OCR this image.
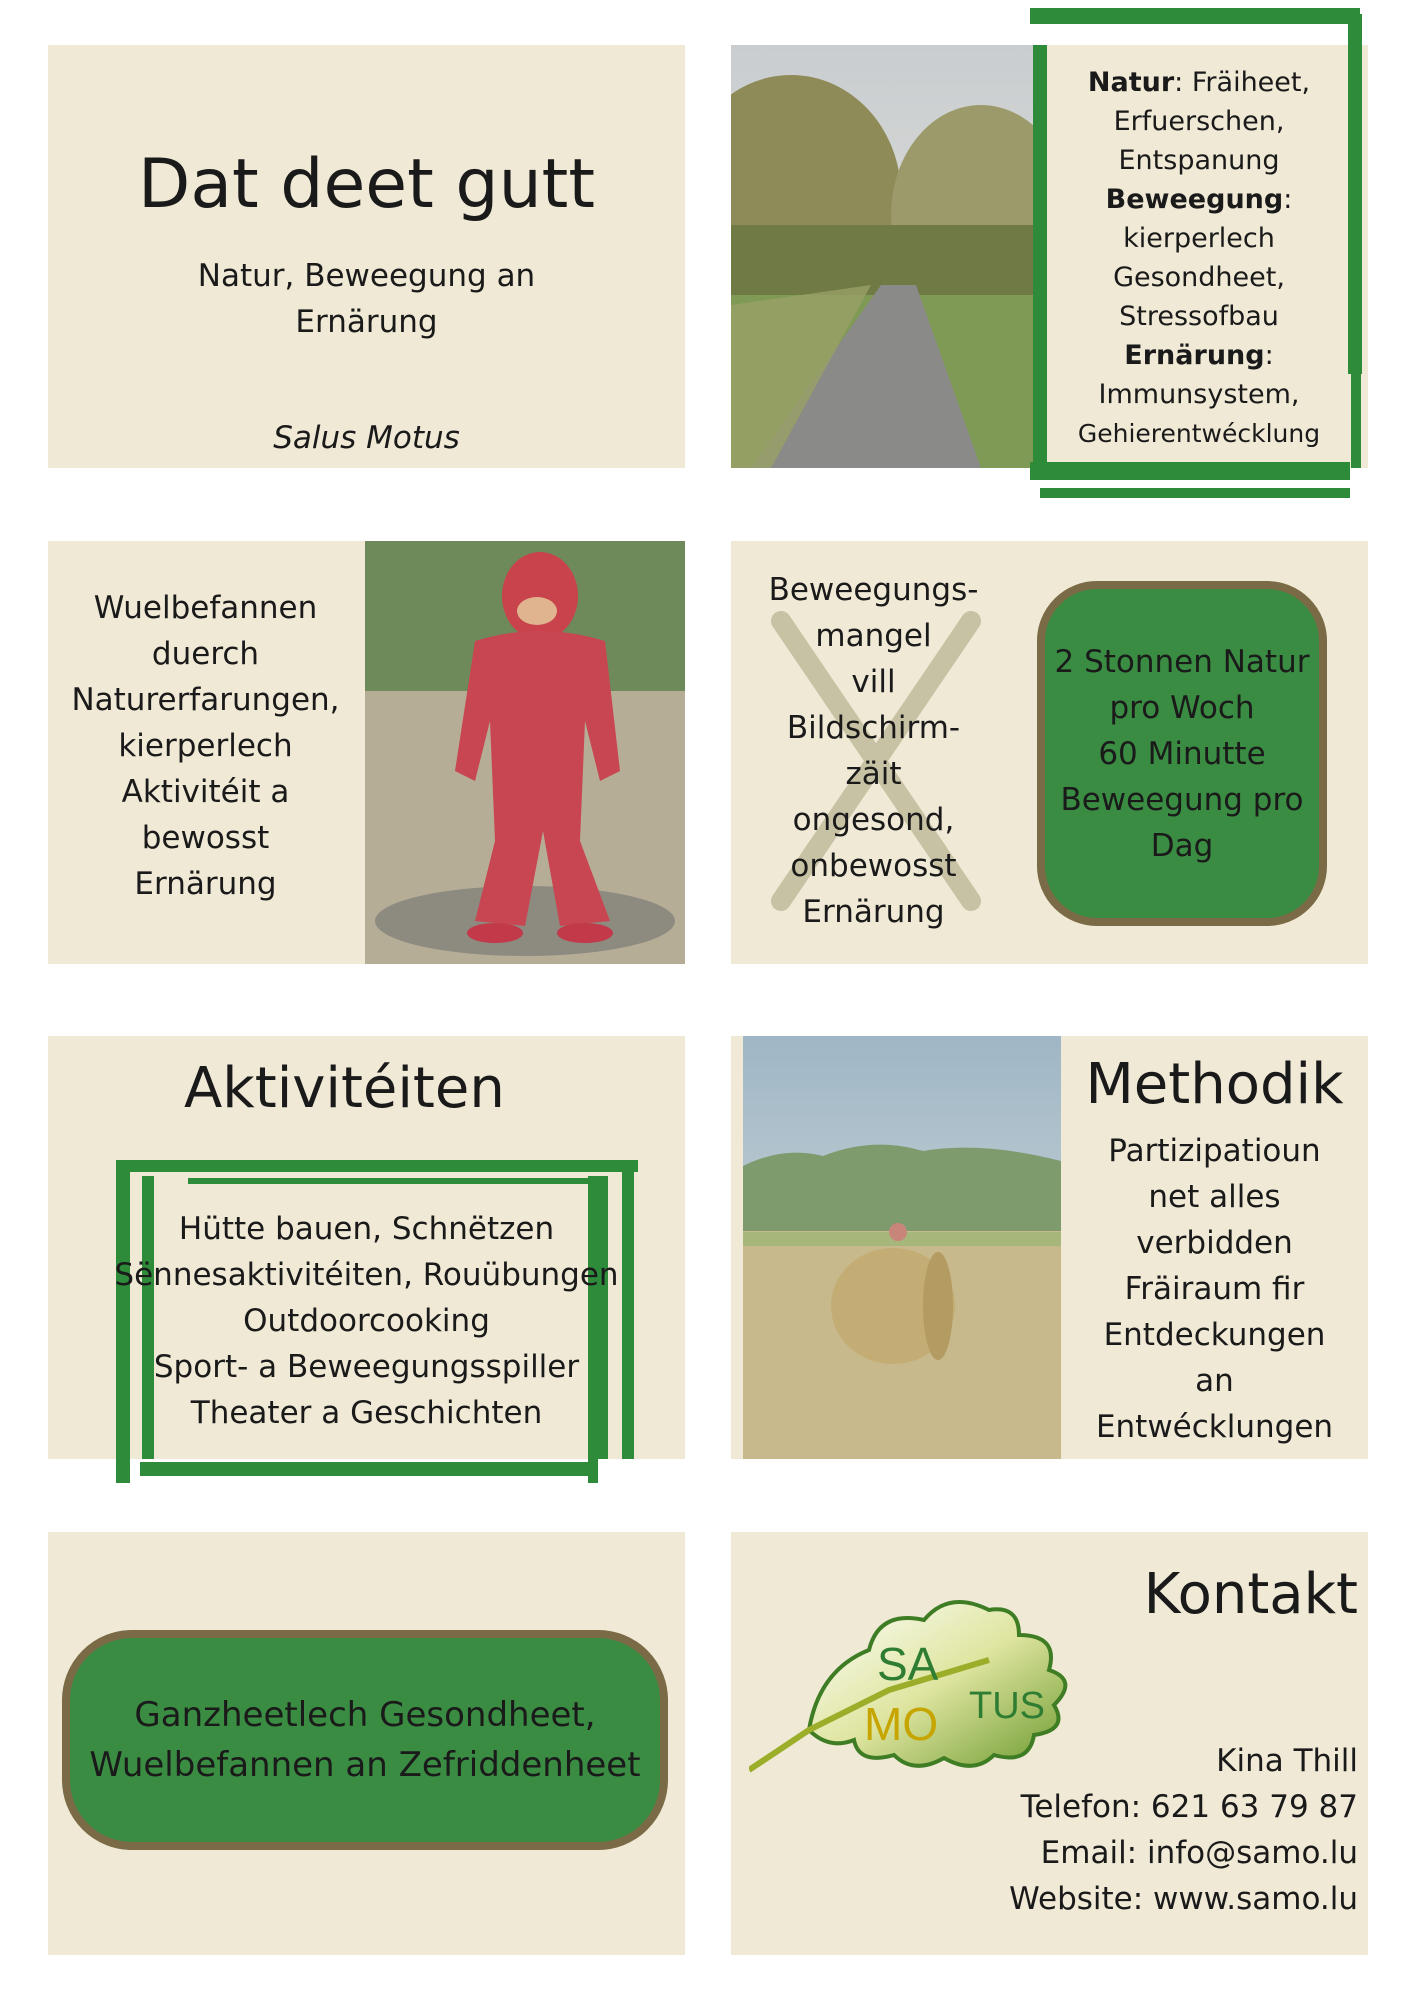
Dat deet gutt
Natur, Beweegung an
Ernärung
Salus Motus
Natur: Fräiheet,
Erfuerschen,
Entspanung
Beweegung:
kierperlech
Gesondheet,
Stressofbau
Ernärung:
Immunsystem,
Gehierentwécklung
Wuelbefannen
duerch
Naturerfarungen,
kierperlech
Aktivitéit a
bewosst
Ernärung
Beweegungs-
mangel
vill
Bildschirm-
zäit
ongesond,
onbewosst
Ernärung
2 Stonnen Natur
pro Woch
60 Minutte
Beweegung pro
Dag
Aktivitéiten
Hütte bauen, Schnëtzen
Sënnesaktivitéiten, Rouübungen
Outdoorcooking
Sport- a Beweegungsspiller
Theater a Geschichten
Methodik
Partizipatioun
net alles
verbidden
Fräiraum fir
Entdeckungen
an
Entwécklungen
Ganzheetlech Gesondheet,
Wuelbefannen an Zefriddenheet
Kontakt
SA
MO TUS
Kina Thill
Telefon: 621 63 79 87
Email: info@samo.lu
Website: www.samo.lu
